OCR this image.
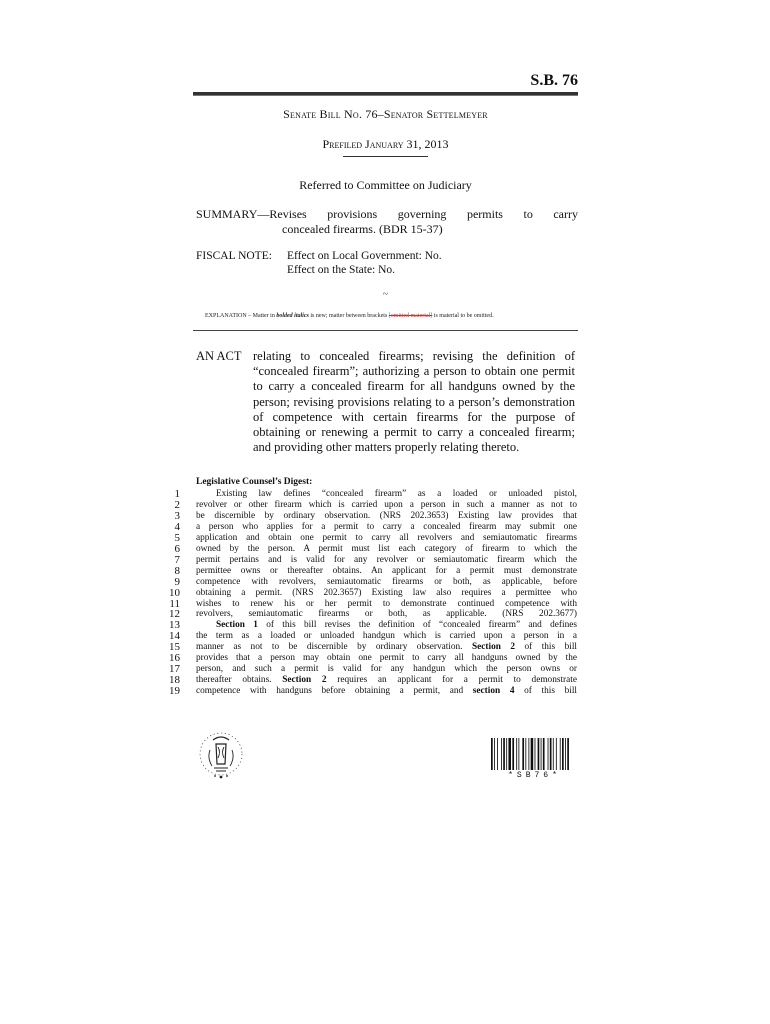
S.B. 76
Senate Bill No. 76–Senator Settelmeyer
Prefiled January 31, 2013
Referred to Committee on Judiciary
SUMMARY— Revises provisions governing permits to carry
concealed firearms. (BDR 15-37)
FISCAL NOTE:	Effect on Local Government: No.
Effect on the State: No.
~
EXPLANATION – Matter in bolded italics is new; matter between brackets [omitted material] is material to be omitted.
AN ACT relating to concealed firearms; revising the definition of “concealed firearm”; authorizing a person to obtain one permit to carry a concealed firearm for all handguns owned by the person; revising provisions relating to a person’s demonstration of competence with certain firearms for the purpose of obtaining or renewing a permit to carry a concealed firearm; and providing other matters properly relating thereto.
Legislative Counsel’s Digest:
1	Existing law defines “concealed firearm” as a loaded or unloaded pistol,
2 revolver or other firearm which is carried upon a person in such a manner as not to
3 be discernible by ordinary observation. (NRS 202.3653) Existing law provides that
4 a person who applies for a permit to carry a concealed firearm may submit one
5 application and obtain one permit to carry all revolvers and semiautomatic firearms
6 owned by the person. A permit must list each category of firearm to which the
7 permit pertains and is valid for any revolver or semiautomatic firearm which the
8 permittee owns or thereafter obtains. An applicant for a permit must demonstrate
9 competence with revolvers, semiautomatic firearms or both, as applicable, before
10 obtaining a permit. (NRS 202.3657) Existing law also requires a permittee who
11 wishes to renew his or her permit to demonstrate continued competence with
12 revolvers, semiautomatic firearms or both, as applicable. (NRS 202.3677)
13	Section 1 of this bill revises the definition of “concealed firearm” and defines
14 the term as a loaded or unloaded handgun which is carried upon a person in a
15 manner as not to be discernible by ordinary observation. Section 2 of this bill
16 provides that a person may obtain one permit to carry all handguns owned by the
17 person, and such a permit is valid for any handgun which the person owns or
18 thereafter obtains. Section 2 requires an applicant for a permit to demonstrate
19 competence with handguns before obtaining a permit, and section 4 of this bill
*SB76*
